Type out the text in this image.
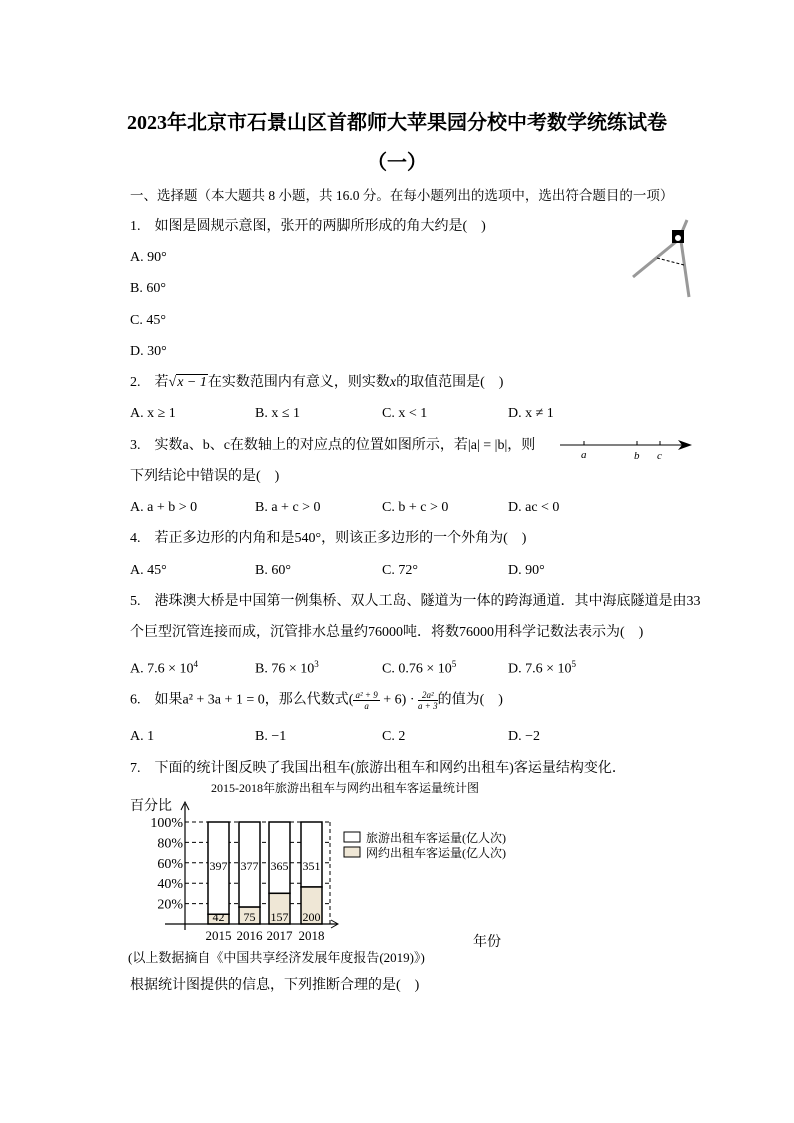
2023年北京市石景山区首都师大苹果园分校中考数学统练试卷
（一）
一、选择题（本大题共 8 小题，共 16.0 分。在每小题列出的选项中，选出符合题目的一项）
1.　如图是圆规示意图，张开的两脚所形成的角大约是(　)
A. 90°
B. 60°
C. 45°
D. 30°
2.　若√x − 1在实数范围内有意义，则实数x的取值范围是(　)
A. x ≥ 1	B. x ≤ 1	C. x < 1	D. x ≠ 1
3.　实数a、b、c在数轴上的对应点的位置如图所示，若|a| = |b|，则
a	b c
下列结论中错误的是(　)
A. a + b > 0	B. a + c > 0	C. b + c > 0	D. ac < 0
4.　若正多边形的内角和是540°，则该正多边形的一个外角为(　)
A. 45°	B. 60°	C. 72°	D. 90°
5.　港珠澳大桥是中国第一例集桥、双人工岛、隧道为一体的跨海通道．其中海底隧道是由33
个巨型沉管连接而成，沉管排水总量约76000吨．将数76000用科学记数法表示为(　)
A. $7.6 \times 10^4$	B. $76 \times 10^3$	C. $0.76 \times 10^5$	D. $7.6 \times 10^5$
6.　如果a² + 3a + 1 = 0，那么代数式( $\frac{\text{a² + 9}}{a} + 6) \cdot \frac{\text{2a²}}{a + 3}$ 的值为(　)
A. 1	B. −1	C. 2	D. −2
7.　下面的统计图反映了我国出租车(旅游出租车和网约出租车)客运量结构变化．
2015-2018年旅游出租车与网约出租车客运量统计图
百分比
年份
20%
40%
60%
80%
100%
397
42
2015
377
75
2016
365
157
2017
351
200
2018
旅游出租车客运量(亿人次)
网约出租车客运量(亿人次)
(以上数据摘自《中国共享经济发展年度报告(2019)》)
根据统计图提供的信息，下列推断合理的是(　)
